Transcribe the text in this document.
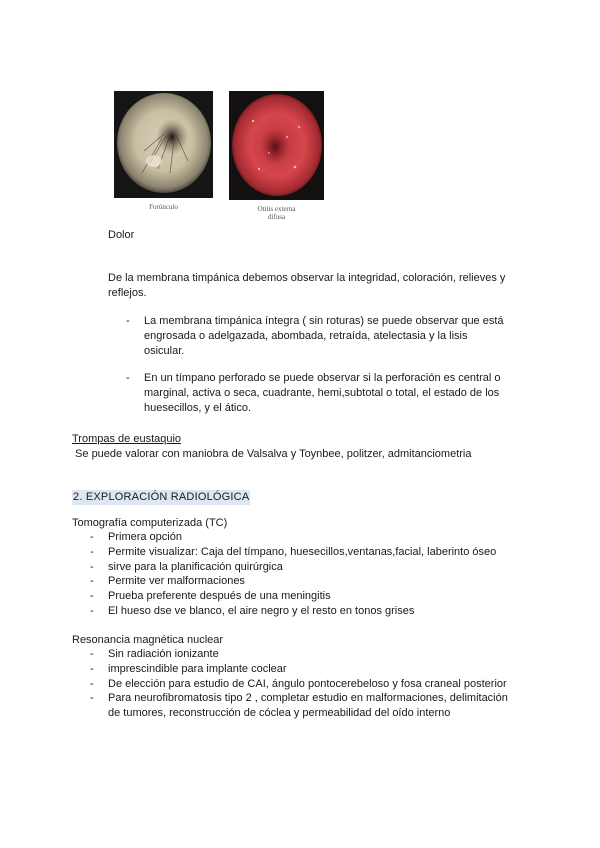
Forúnculo	Otitis externa
difusa

Dolor

De la membrana timpánica debemos observar la integridad, coloración, relieves y reflejos.

- La membrana timpánica íntegra ( sin roturas) se puede observar que está engrosada o adelgazada, abombada, retraída, atelectasia y la lisis osicular.
- En un tímpano perforado se puede observar si la perforación es central o marginal, activa o seca, cuadrante, hemi,subtotal o total, el estado de los huesecillos, y el ático.

Trompas de eustaquio

Se puede valorar con maniobra de Valsalva y Toynbee, politzer, admitanciometria

2. EXPLORACIÓN RADIOLÓGICA

Tomografía computerizada (TC)

- Primera opción
- Permite visualizar: Caja del tímpano, huesecillos,ventanas,facial, laberinto óseo
- sirve para la planificación quirúrgica
- Permite ver malformaciones
- Prueba preferente después de una meningitis
- El hueso dse ve blanco, el aire negro y el resto en tonos grises

Resonancia magnética nuclear

- Sin radiación ionizante
- imprescindible para implante coclear
- De elección para estudio de CAI, ángulo pontocerebeloso y fosa craneal posterior
- Para neurofibromatosis tipo 2 , completar estudio en malformaciones, delimitación de tumores, reconstrucción de cóclea y permeabilidad del oído interno
